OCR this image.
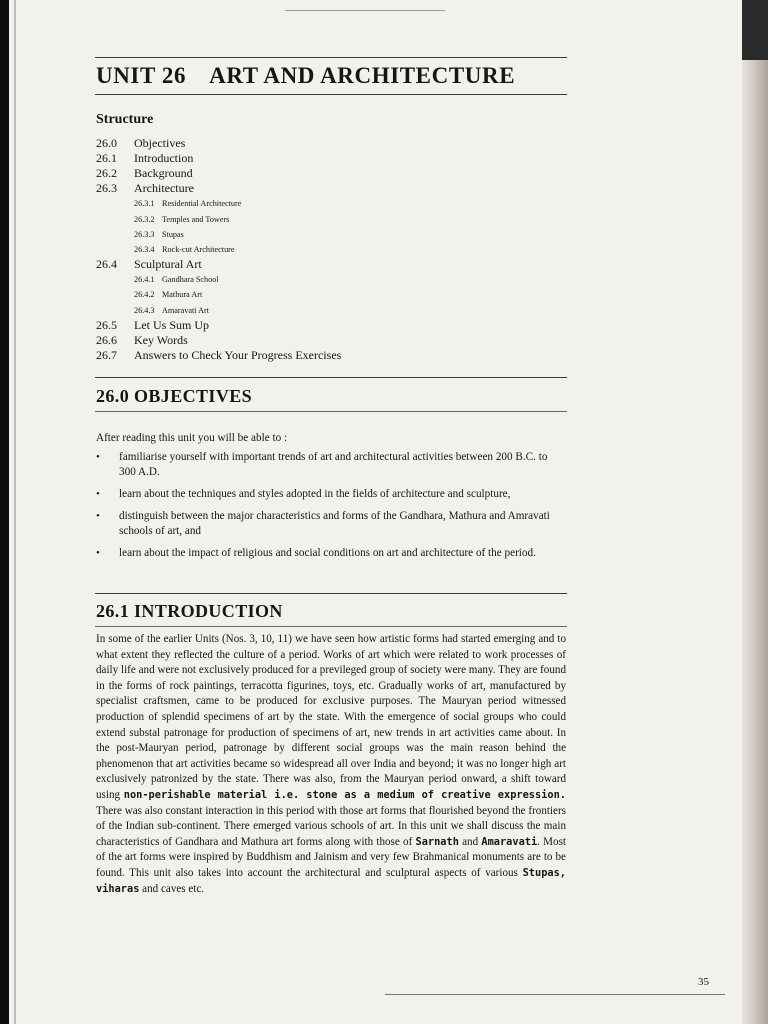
UNIT 26 ART AND ARCHITECTURE
Structure
26.0	Objectives
26.1	Introduction
26.2	Background
26.3	Architecture
26.3.1 Residential Architecture
26.3.2 Temples and Towers
26.3.3 Stupas
26.3.4 Rock-cut Architecture
26.4	Sculptural Art
26.4.1 Gandhara School
26.4.2 Mathura Art
26.4.3 Amaravati Art
26.5	Let Us Sum Up
26.6	Key Words
26.7	Answers to Check Your Progress Exercises
26.0 OBJECTIVES
After reading this unit you will be able to :
•	familiarise yourself with important trends of art and architectural activities between 200 B.C. to 300 A.D.
•	learn about the techniques and styles adopted in the fields of architecture and sculpture,
•	distinguish between the major characteristics and forms of the Gandhara, Mathura and Amravati schools of art, and
•	learn about the impact of religious and social conditions on art and architecture of the period.
26.1 INTRODUCTION
In some of the earlier Units (Nos. 3, 10, 11) we have seen how artistic forms had started emerging and to what extent they reflected the culture of a period. Works of art which were related to work processes of daily life and were not exclusively produced for a previleged group of society were many. They are found in the forms of rock paintings, terracotta figurines, toys, etc. Gradually works of art, manufactured by specialist craftsmen, came to be produced for exclusive purposes. The Mauryan period witnessed production of splendid specimens of art by the state. With the emergence of social groups who could extend substal patronage for production of specimens of art, new trends in art activities came about. In the post-Mauryan period, patronage by different social groups was the main reason behind the phenomenon that art activities became so widespread all over India and beyond; it was no longer high art exclusively patronized by the state. There was also, from the Mauryan period onward, a shift toward using non-perishable material i.e. stone as a medium of creative expression. There was also constant interaction in this period with those art forms that flourished beyond the frontiers of the Indian sub-continent. There emerged various schools of art. In this unit we shall discuss the main characteristics of Gandhara and Mathura art forms along with those of Sarnath and Amaravati. Most of the art forms were inspired by Buddhism and Jainism and very few Brahmanical monuments are to be found. This unit also takes into account the architectural and sculptural aspects of various Stupas, viharas and caves etc.
35
